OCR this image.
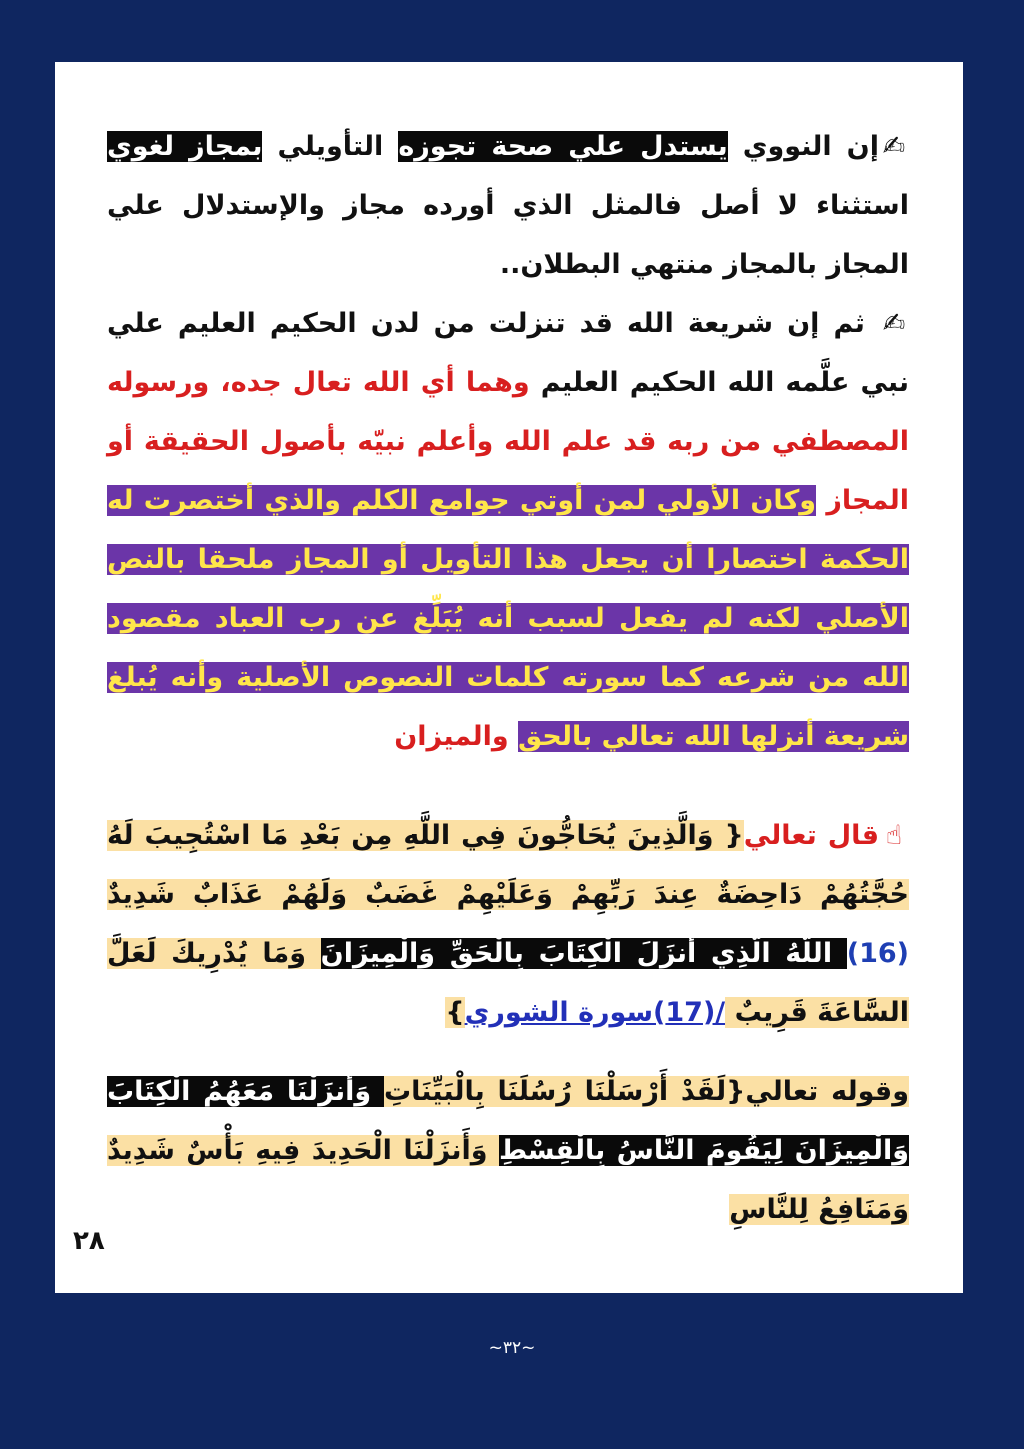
✍إن النووي يستدل علي صحة تجوزه التأويلي بمجاز لغوي استثناء لا أصل فالمثل الذي أورده مجاز والإستدلال علي المجاز بالمجاز منتهي البطلان..

✍ ثم إن شريعة الله قد تنزلت من لدن الحكيم العليم علي نبي علَّمه الله الحكيم العليم وهما أي الله تعال جده، ورسوله المصطفي من ربه قد علم الله وأعلم نبيّه بأصول الحقيقة أو المجاز وكان الأولي لمن أوتي جوامع الكلم والذي أختصرت له الحكمة اختصارا أن يجعل هذا التأويل أو المجاز ملحقا بالنص الأصلي لكنه لم يفعل لسبب أنه يُبَلِّغ عن رب العباد مقصود الله من شرعه كما سورته كلمات النصوص الأصلية وأنه يُبلغ شريعة أنزلها الله تعالي بالحق والميزان

☝قال تعالي{ وَالَّذِينَ يُحَاجُّونَ فِي اللَّهِ مِن بَعْدِ مَا اسْتُجِيبَ لَهُ حُجَّتُهُمْ دَاحِضَةٌ عِندَ رَبِّهِمْ وَعَلَيْهِمْ غَضَبٌ وَلَهُمْ عَذَابٌ شَدِيدٌ (16) اللَّهُ الَّذِي أَنزَلَ الْكِتَابَ بِالْحَقِّ وَالْمِيزَانَ وَمَا يُدْرِيكَ لَعَلَّ السَّاعَةَ قَرِيبٌ /(17)سورة الشوري}

وقوله تعالي{لَقَدْ أَرْسَلْنَا رُسُلَنَا بِالْبَيِّنَاتِ وَأَنزَلْنَا مَعَهُمُ الْكِتَابَ وَالْمِيزَانَ لِيَقُومَ النَّاسُ بِالْقِسْطِ وَأَنزَلْنَا الْحَدِيدَ فِيهِ بَأْسٌ شَدِيدٌ وَمَنَافِعُ لِلنَّاسِ

٢٨
~٣٢~
